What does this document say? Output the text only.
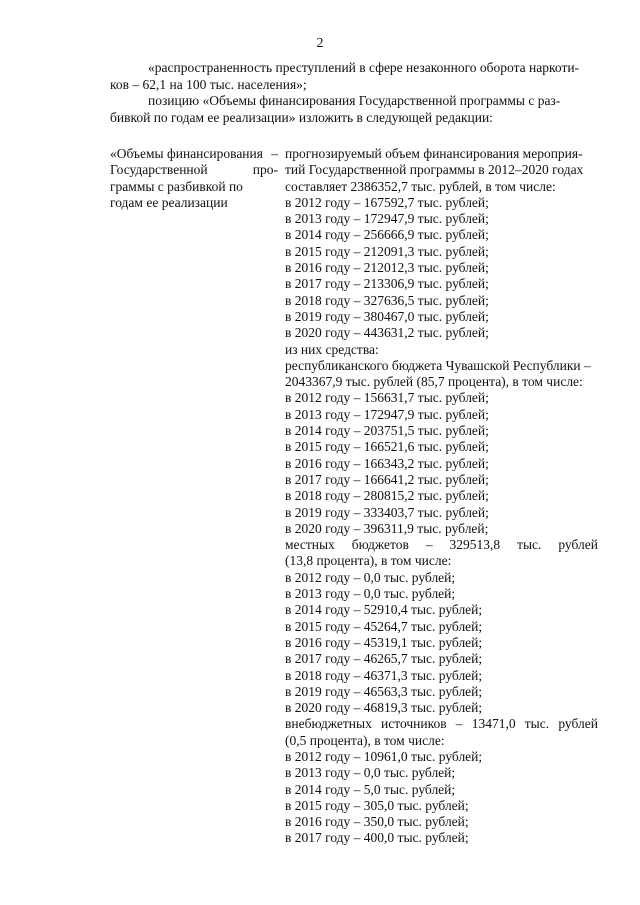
2

«распространенность преступлений в сфере незаконного оборота наркоти-

ков – 62,1 на 100 тыс. населения»;

позицию «Объемы финансирования Государственной программы с раз-

бивкой по годам ее реализации» изложить в следующей редакции:

«Объемы финансирования –
Государственной	про-
граммы с разбивкой по
годам ее реализации
прогнозируемый объем финансирования мероприя-
тий Государственной программы в 2012–2020 годах
составляет 2386352,7 тыс. рублей, в том числе:
в 2012 году – 167592,7 тыс. рублей;
в 2013 году – 172947,9 тыс. рублей;
в 2014 году – 256666,9 тыс. рублей;
в 2015 году – 212091,3 тыс. рублей;
в 2016 году – 212012,3 тыс. рублей;
в 2017 году – 213306,9 тыс. рублей;
в 2018 году – 327636,5 тыс. рублей;
в 2019 году – 380467,0 тыс. рублей;
в 2020 году – 443631,2 тыс. рублей;
из них средства:
республиканского бюджета Чувашской Республики –
2043367,9 тыс. рублей (85,7 процента), в том числе:
в 2012 году – 156631,7 тыс. рублей;
в 2013 году – 172947,9 тыс. рублей;
в 2014 году – 203751,5 тыс. рублей;
в 2015 году – 166521,6 тыс. рублей;
в 2016 году – 166343,2 тыс. рублей;
в 2017 году – 166641,2 тыс. рублей;
в 2018 году – 280815,2 тыс. рублей;
в 2019 году – 333403,7 тыс. рублей;
в 2020 году – 396311,9 тыс. рублей;
местных бюджетов – 329513,8 тыс. рублей
(13,8 процента), в том числе:
в 2012 году – 0,0 тыс. рублей;
в 2013 году – 0,0 тыс. рублей;
в 2014 году – 52910,4 тыс. рублей;
в 2015 году – 45264,7 тыс. рублей;
в 2016 году – 45319,1 тыс. рублей;
в 2017 году – 46265,7 тыс. рублей;
в 2018 году – 46371,3 тыс. рублей;
в 2019 году – 46563,3 тыс. рублей;
в 2020 году – 46819,3 тыс. рублей;
внебюджетных источников – 13471,0 тыс. рублей
(0,5 процента), в том числе:
в 2012 году – 10961,0 тыс. рублей;
в 2013 году – 0,0 тыс. рублей;
в 2014 году – 5,0 тыс. рублей;
в 2015 году – 305,0 тыс. рублей;
в 2016 году – 350,0 тыс. рублей;
в 2017 году – 400,0 тыс. рублей;
